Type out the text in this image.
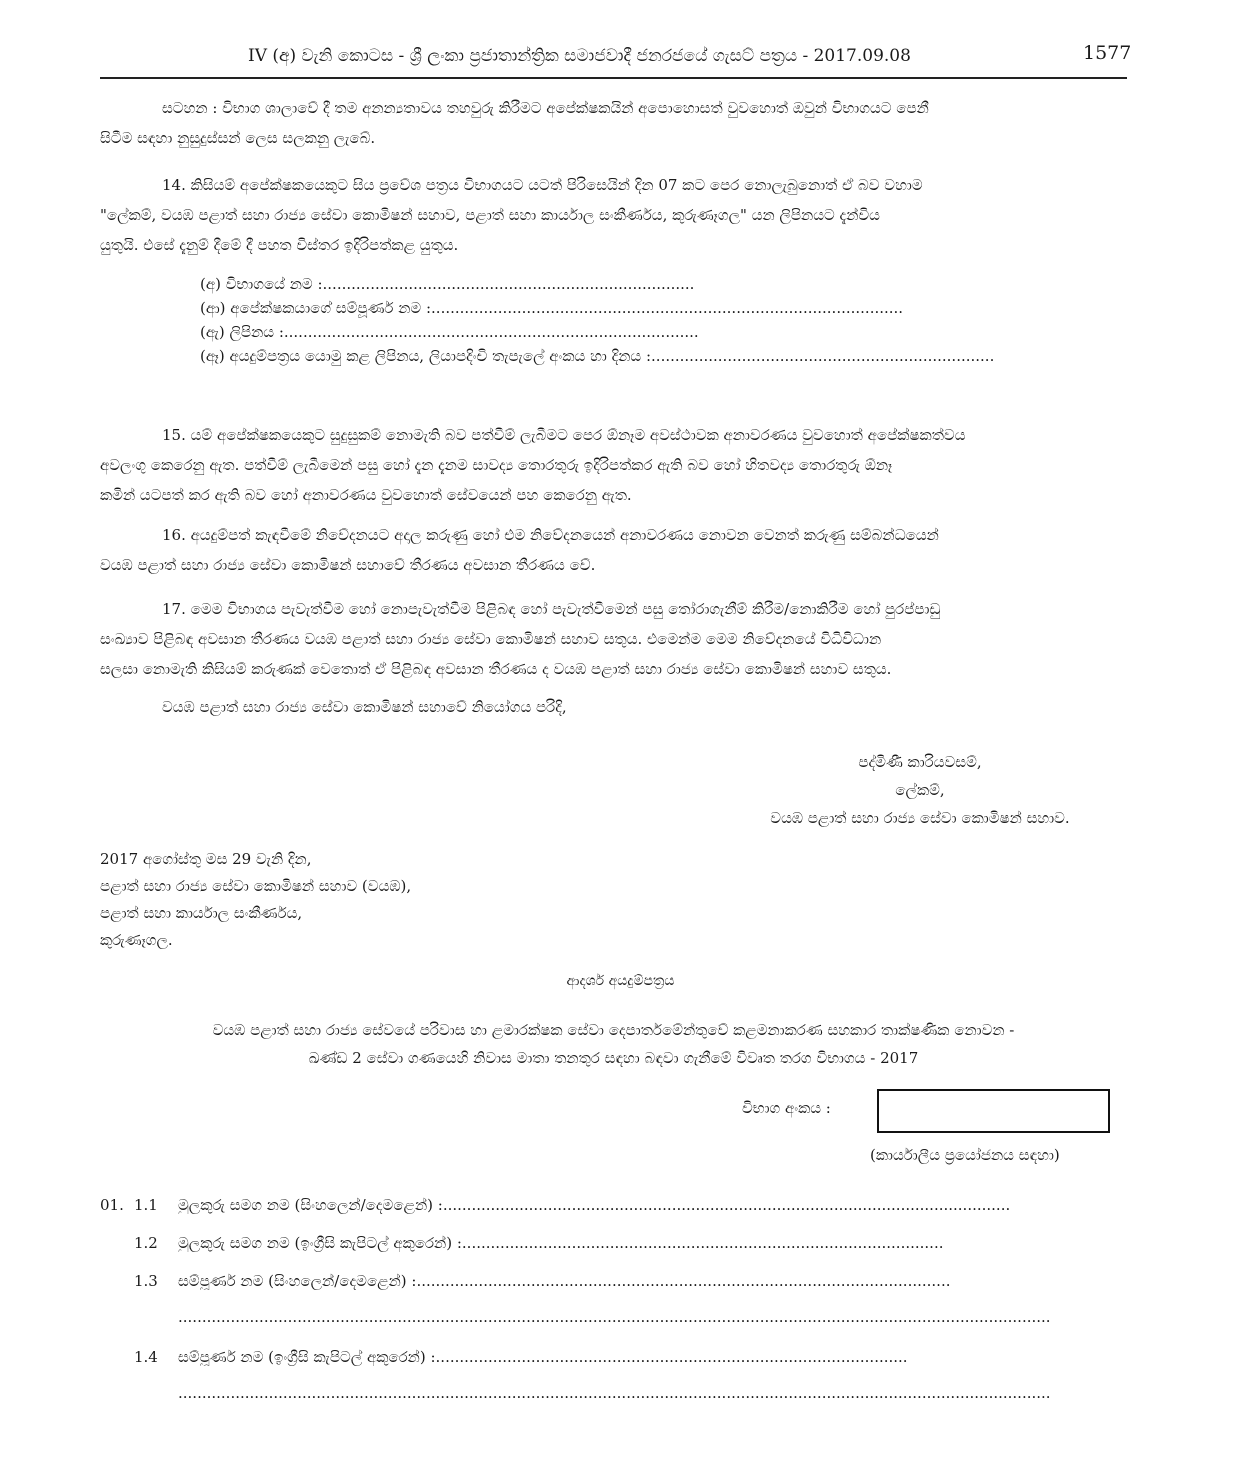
IV (අ) වැනි කොටස - ශ්‍රී ලංකා ප්‍රජාතාන්ත්‍රික සමාජවාදී ජනරජයේ ගැසට් පත්‍රය - 2017.09.08	1577
සටහන : විභාග ශාලාවේ දී තම අනන්‍යතාවය තහවුරු කිරීමට අපේක්ෂකයින් අපොහොසත් වුවහොත් ඔවුන් විභාගයට පෙනී
සිටීම සඳහා නුසුදුස්සන් ලෙස සලකනු ලැබේ.
14. කිසියම් අපේක්ෂකයෙකුට සිය ප්‍රවේශ පත්‍රය විභාගයට යටත් පිරිසෙයින් දින 07 කට පෙර නොලැබුනොත් ඒ බව වහාම
"ලේකම්, වයඹ පළාත් සහා රාජ්‍ය සේවා කොමිෂන් සහාව, පළාත් සහා කාර්යාල සංකීර්ණය, කුරුණෑගල" යන ලිපිනයට දැන්විය
යුතුයි. එසේ දැනුම් දීමේ දී පහත විස්තර ඉදිරිපත්කළ යුතුය.
(අ) විභාගයේ නම :..............................................................................
(ආ) අපේක්ෂකයාගේ සම්පූර්ණ නම :...................................................................................................
(ඇ) ලිපිනය :.......................................................................................
(ඈ) අයදුම්පත්‍රය යොමු කළ ලිපිනය, ලියාපදිංචි තැපැලේ අංකය හා දිනය :........................................................................
15. යම් අපේක්ෂකයෙකුට සුදුසුකම් නොමැති බව පත්වීම් ලැබීමට පෙර ඕනෑම අවස්ථාවක අනාවරණය වුවහොත් අපේක්ෂකත්වය
අවලංගු කෙරෙනු ඇත. පත්වීම් ලැබීමෙන් පසු හෝ දැන දැනම සාවද්‍ය තොරතුරු ඉදිරිපත්කර ඇති බව හෝ හිතවද්‍ය තොරතුරු ඕනෑ
කමින් යටපත් කර ඇති බව හෝ අනාවරණය වුවහොත් සේවයෙන් පහ කෙරෙනු ඇත.
16. අයදුම්පත් කැඳවීමේ නිවේදනයට අදාල කරුණු හෝ එම නිවේදනයෙන් අනාවරණය නොවන වෙනත් කරුණු සම්බන්ධයෙන්
වයඹ පළාත් සහා රාජ්‍ය සේවා කොමිෂන් සහාවේ තීරණය අවසාන තීරණය වේ.
17. මෙම විභාගය පැවැත්වීම හෝ නොපැවැත්වීම පිළිබඳ හෝ පැවැත්වීමෙන් පසු තෝරාගැනීම් කිරීම/නොකිරීම හෝ පුරප්පාඩු
සංඛ්‍යාව පිළිබඳ අවසාන තීරණය වයඹ පළාත් සහා රාජ්‍ය සේවා කොමිෂන් සහාව සතුය. එමෙන්ම මෙම නිවේදනයේ විධිවිධාන
සලසා නොමැති කිසියම් කරුණක් වෙතොත් ඒ පිළිබඳ අවසාන තීරණය ද වයඹ පළාත් සහා රාජ්‍ය සේවා කොමිෂන් සහාව සතුය.
වයඹ පළාත් සහා රාජ්‍ය සේවා කොමිෂන් සහාවේ නියෝගය පරිදි,
පද්මිණී කාරියවසම්,
ලේකම්,
වයඹ පළාත් සහා රාජ්‍ය සේවා කොමිෂන් සහාව.
2017 අගෝස්තු මස 29 වැනි දින,
පළාත් සහා රාජ්‍ය සේවා කොමිෂන් සහාව (වයඹ),
පළාත් සහා කාර්යාල සංකීර්ණය,
කුරුණෑගල.
ආදර්ශ අයදුම්පත්‍රය
වයඹ පළාත් සහා රාජ්‍ය සේවයේ පරිවාස හා ළමාරක්ෂක සේවා දෙපාර්තමේන්තුවේ කළමනාකරණ සහකාර තාක්ෂණික නොවන -
ඛණ්ඩ 2 සේවා ගණයෙහි නිවාස මාතා තනතුර සඳහා බඳවා ගැනීමේ විවෘත තරග විභාගය - 2017
විභාග අංකය :
(කාර්යාලීය ප්‍රයෝජනය සඳහා)
01. 1.1 මුලකුරු සමග නම (සිංහලෙන්/දෙමළෙන්) :.......................................................................................................................
1.2 මුලකුරු සමග නම (ඉංග්‍රීසි කැපිටල් අකුරෙන්) :.....................................................................................................
1.3 සම්පූර්ණ නම (සිංහලෙන්/දෙමළෙන්) :................................................................................................................
.......................................................................................................................................................................................
1.4 සම්පූර්ණ නම (ඉංග්‍රීසි කැපිටල් අකුරෙන්) :...................................................................................................
.......................................................................................................................................................................................
